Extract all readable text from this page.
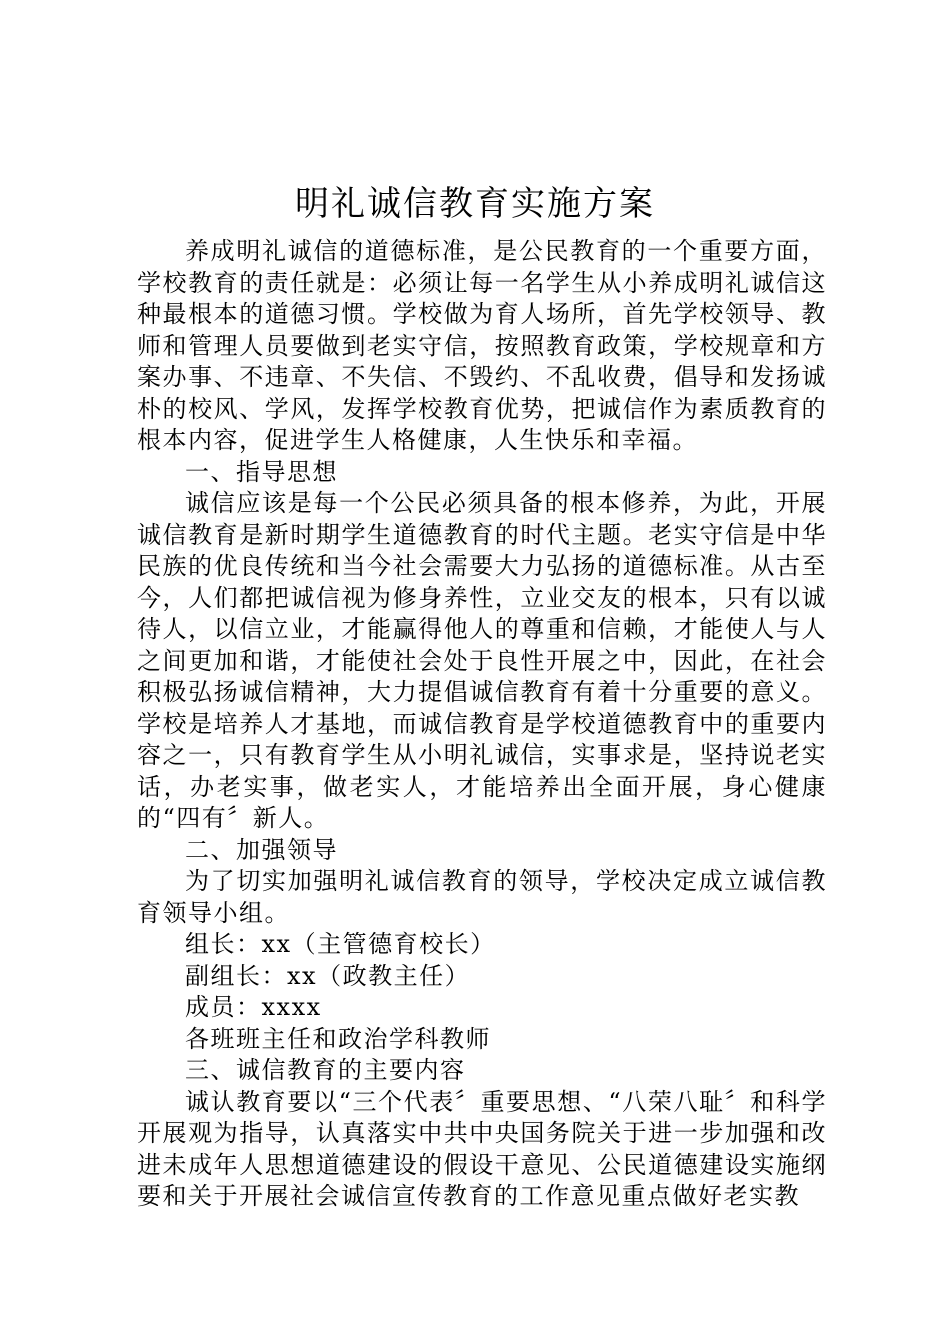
明礼诚信教育实施方案

养成明礼诚信的道德标准，是公民教育的一个重要方面，学校教育的责任就是：必须让每一名学生从小养成明礼诚信这种最根本的道德习惯。学校做为育人场所，首先学校领导、教师和管理人员要做到老实守信，按照教育政策，学校规章和方案办事、不违章、不失信、不毁约、不乱收费，倡导和发扬诚朴的校风、学风，发挥学校教育优势，把诚信作为素质教育的根本内容，促进学生人格健康，人生快乐和幸福。

一、指导思想

诚信应该是每一个公民必须具备的根本修养，为此，开展诚信教育是新时期学生道德教育的时代主题。老实守信是中华民族的优良传统和当今社会需要大力弘扬的道德标准。从古至今，人们都把诚信视为修身养性，立业交友的根本，只有以诚待人，以信立业，才能赢得他人的尊重和信赖，才能使人与人之间更加和谐，才能使社会处于良性开展之中，因此，在社会积极弘扬诚信精神，大力提倡诚信教育有着十分重要的意义。学校是培养人才基地，而诚信教育是学校道德教育中的重要内容之一，只有教育学生从小明礼诚信，实事求是，坚持说老实话，办老实事，做老实人，才能培养出全面开展，身心健康的“四有〞新人。

二、加强领导

为了切实加强明礼诚信教育的领导，学校决定成立诚信教育领导小组。

组长：xx（主管德育校长）

副组长：xx（政教主任）

成员：xxxx

各班班主任和政治学科教师

三、诚信教育的主要内容

诚认教育要以“三个代表〞重要思想、“八荣八耻〞和科学开展观为指导，认真落实中共中央国务院关于进一步加强和改进未成年人思想道德建设的假设干意见、公民道德建设实施纲要和关于开展社会诚信宣传教育的工作意见重点做好老实教
